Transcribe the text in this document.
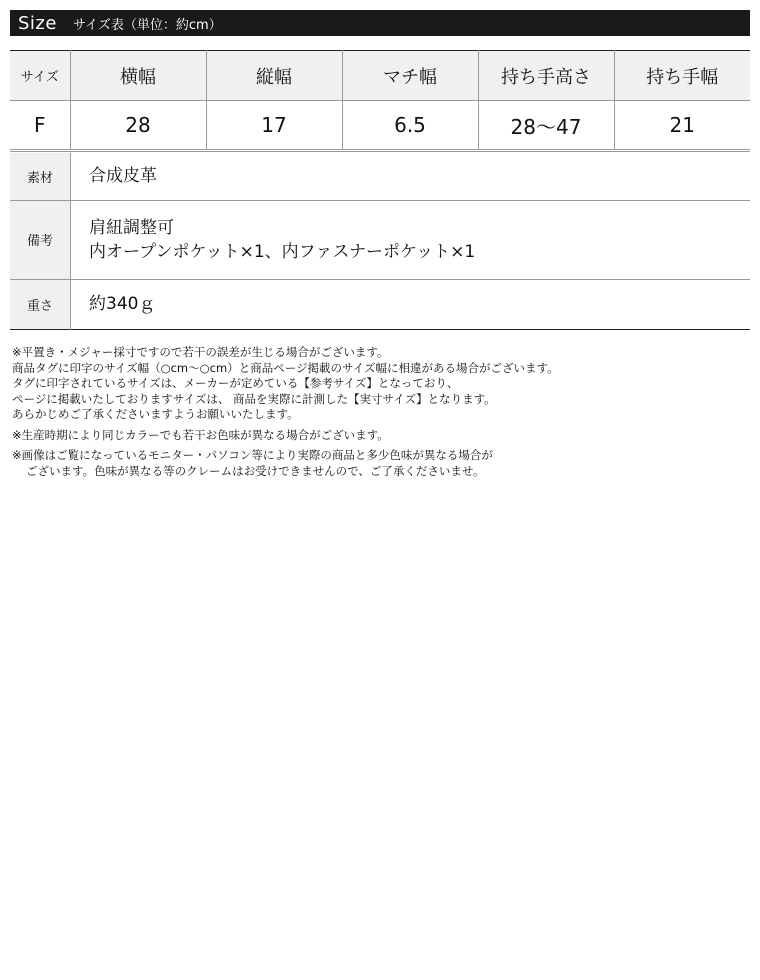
Size サイズ表（単位：約cm）
サイズ	横幅	縦幅	マチ幅	持ち手高さ	持ち手幅
F	28	17	6.5	28〜47	21
素材	合成皮革

備考	肩紐調整可
内オープンポケット×1、内ファスナーポケット×1

重さ	約340ｇ
※平置き・メジャー採寸ですので若干の誤差が生じる場合がございます。
商品タグに印字のサイズ幅（○cm〜○cm）と商品ページ掲載のサイズ幅に相違がある場合がございます。
タグに印字されているサイズは、メーカーが定めている【参考サイズ】となっており、
ページに掲載いたしておりますサイズは、 商品を実際に計測した【実寸サイズ】となります。
あらかじめご了承くださいますようお願いいたします。
※生産時期により同じカラーでも若干お色味が異なる場合がございます。
※画像はご覧になっているモニター・パソコン等により実際の商品と多少色味が異なる場合が
ございます。色味が異なる等のクレームはお受けできませんので、ご了承くださいませ。
